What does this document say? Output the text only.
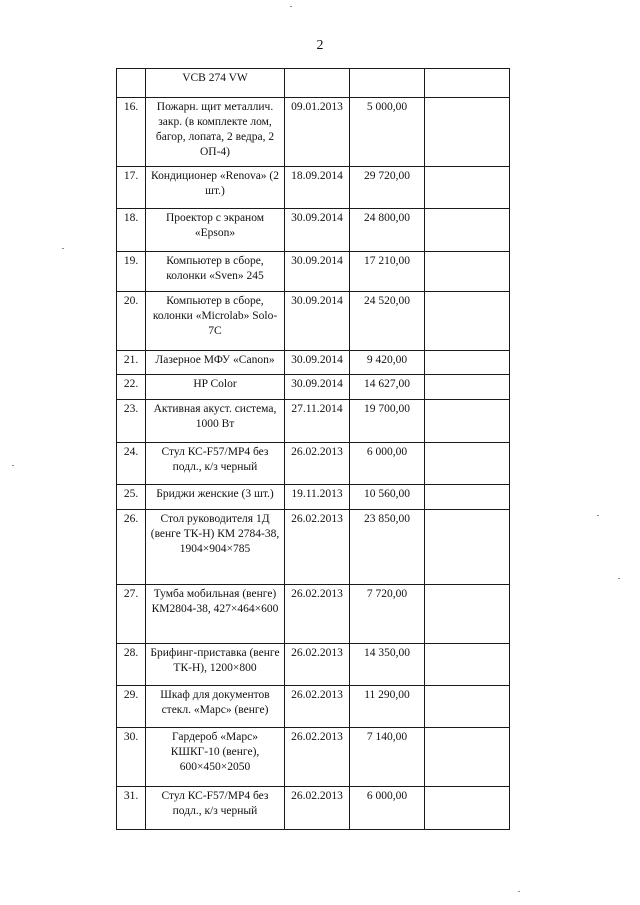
2
	VCB 274 VW			
16.	Пожарн. щит металлич. закр. (в комплекте лом, багор, лопата, 2 ведра, 2 ОП-4)	09.01.2013	5 000,00	
17.	Кондиционер «Renova» (2 шт.)	18.09.2014	29 720,00	
18.	Проектор с экраном «Epson»	30.09.2014	24 800,00	
19.	Компьютер в сборе, колонки «Sven» 245	30.09.2014	17 210,00	
20.	Компьютер в сборе, колонки «Microlab» Solo-7C	30.09.2014	24 520,00	
21.	Лазерное МФУ «Canon»	30.09.2014	9 420,00	
22.	HP Color	30.09.2014	14 627,00	
23.	Активная акуст. система, 1000 Вт	27.11.2014	19 700,00	
24.	Стул КС-F57/MP4 без подл., к/з черный	26.02.2013	6 000,00	
25.	Бриджи женские (3 шт.)	19.11.2013	10 560,00	
26.	Стол руководителя 1Д (венге ТК-Н) КМ 2784-38, 1904×904×785	26.02.2013	23 850,00	
27.	Тумба мобильная (венге) КМ2804-38, 427×464×600	26.02.2013	7 720,00	
28.	Брифинг-приставка (венге ТК-Н), 1200×800	26.02.2013	14 350,00	
29.	Шкаф для документов стекл. «Марс» (венге)	26.02.2013	11 290,00	
30.	Гардероб «Марс» КШКГ-10 (венге), 600×450×2050	26.02.2013	7 140,00	
31.	Стул КС-F57/MP4 без подл., к/з черный	26.02.2013	6 000,00	
